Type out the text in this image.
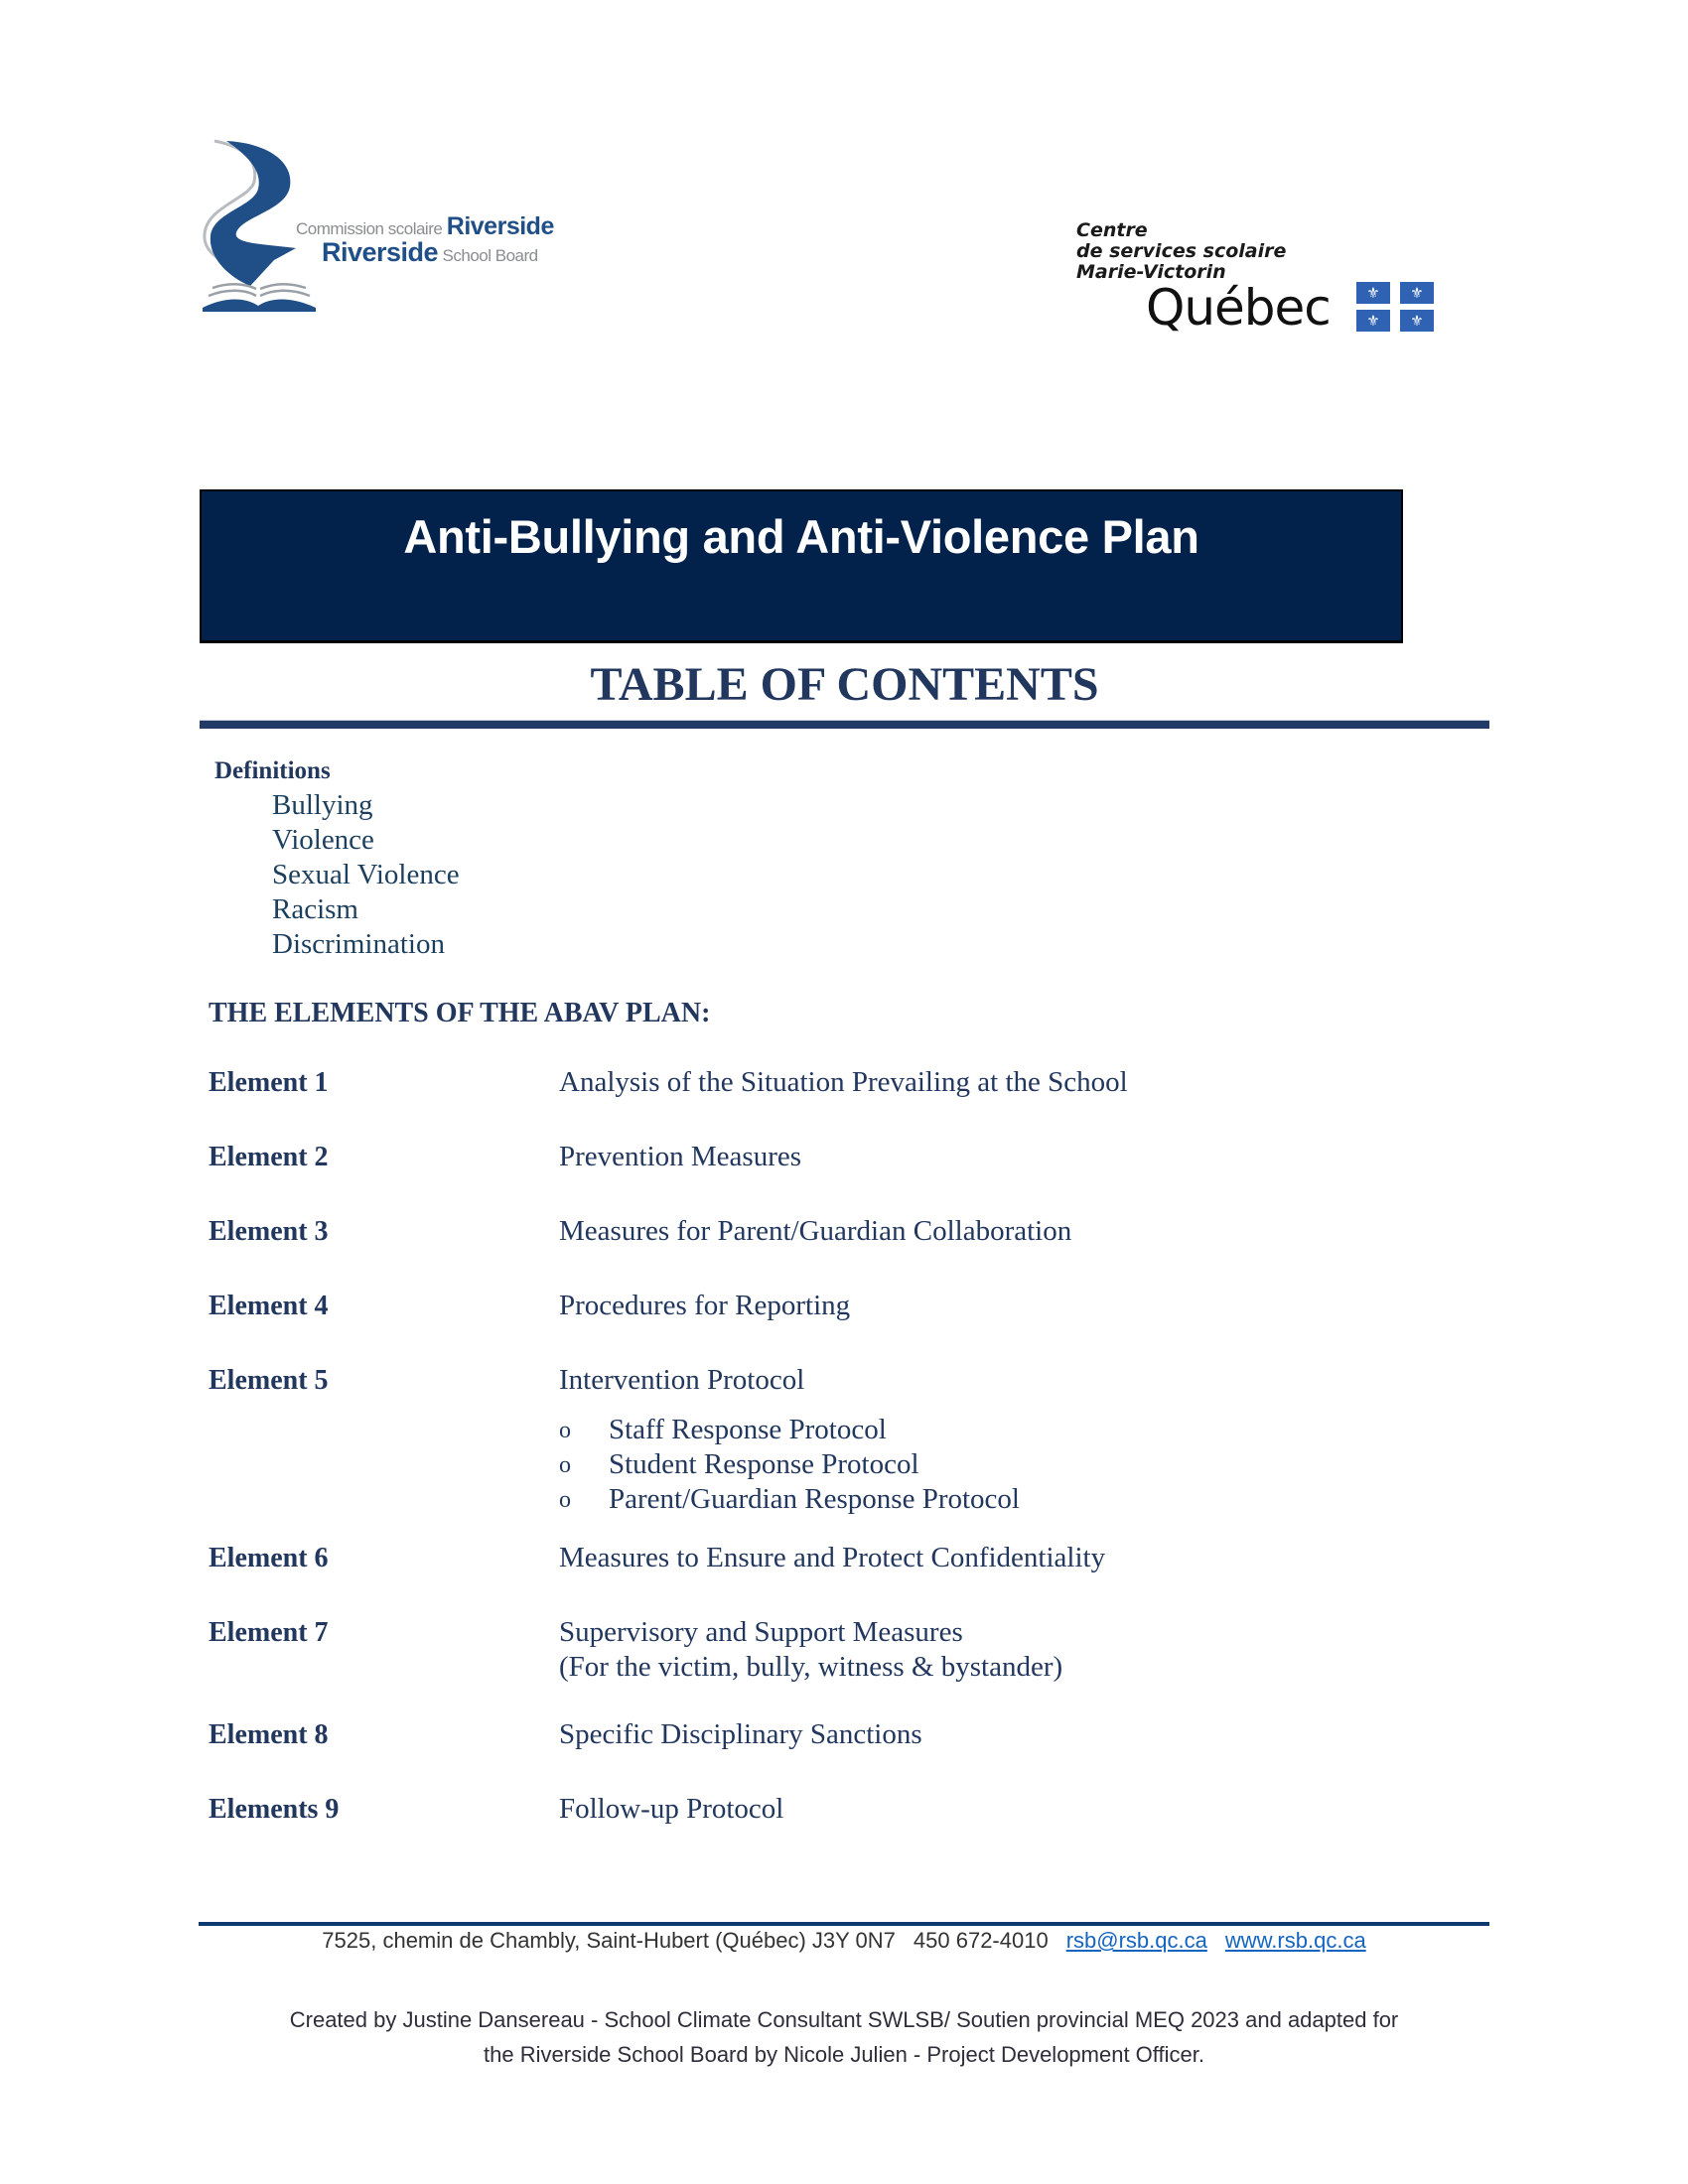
Commission scolaire Riverside
Riverside School Board
Centre
de services scolaire
Marie-Victorin
Québec	⚜	⚜
⚜	⚜
Anti-Bullying and Anti-Violence Plan
TABLE OF CONTENTS
Definitions
Bullying
Violence
Sexual Violence
Racism
Discrimination
THE ELEMENTS OF THE ABAV PLAN:
Element 1	Analysis of the Situation Prevailing at the School
Element 2	Prevention Measures
Element 3	Measures for Parent/Guardian Collaboration
Element 4	Procedures for Reporting
Element 5	Intervention Protocol
o Staff Response Protocol
o Student Response Protocol
o Parent/Guardian Response Protocol
Element 6	Measures to Ensure and Protect Confidentiality
Element 7	Supervisory and Support Measures
(For the victim, bully, witness & bystander)
Element 8	Specific Disciplinary Sanctions
Elements 9	Follow-up Protocol
7525, chemin de Chambly, Saint-Hubert (Québec) J3Y 0N7 450 672-4010 rsb@rsb.qc.ca www.rsb.qc.ca
Created by Justine Dansereau - School Climate Consultant SWLSB/ Soutien provincial MEQ 2023 and adapted for
the Riverside School Board by Nicole Julien - Project Development Officer.
